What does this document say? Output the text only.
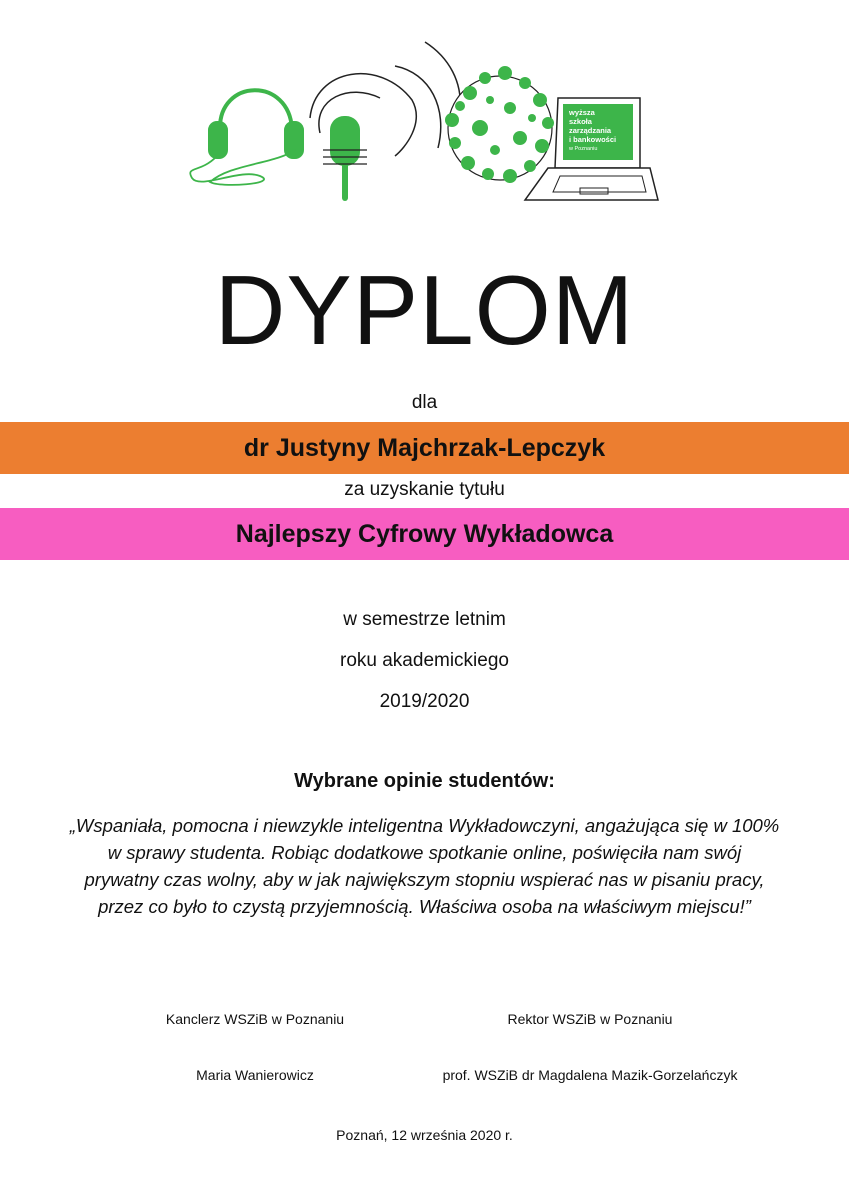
wyższa
szkoła
zarządzania
i bankowości
w Poznaniu
DYPLOM
dla
dr Justyny Majchrzak-Lepczyk
za uzyskanie tytułu
Najlepszy Cyfrowy Wykładowca
w semestrze letnim
roku akademickiego
2019/2020
Wybrane opinie studentów:
„Wspaniała, pomocna i niewzykle inteligentna Wykładowczyni, angażująca się w 100%
w sprawy studenta. Robiąc dodatkowe spotkanie online, poświęciła nam swój
prywatny czas wolny, aby w jak największym stopniu wspierać nas w pisaniu pracy,
przez co było to czystą przyjemnością. Właściwa osoba na właściwym miejscu!”
Kanclerz WSZiB w Poznaniu	Rektor WSZiB w Poznaniu
Maria Wanierowicz	prof. WSZiB dr Magdalena Mazik-Gorzelańczyk
Poznań, 12 września 2020 r.
